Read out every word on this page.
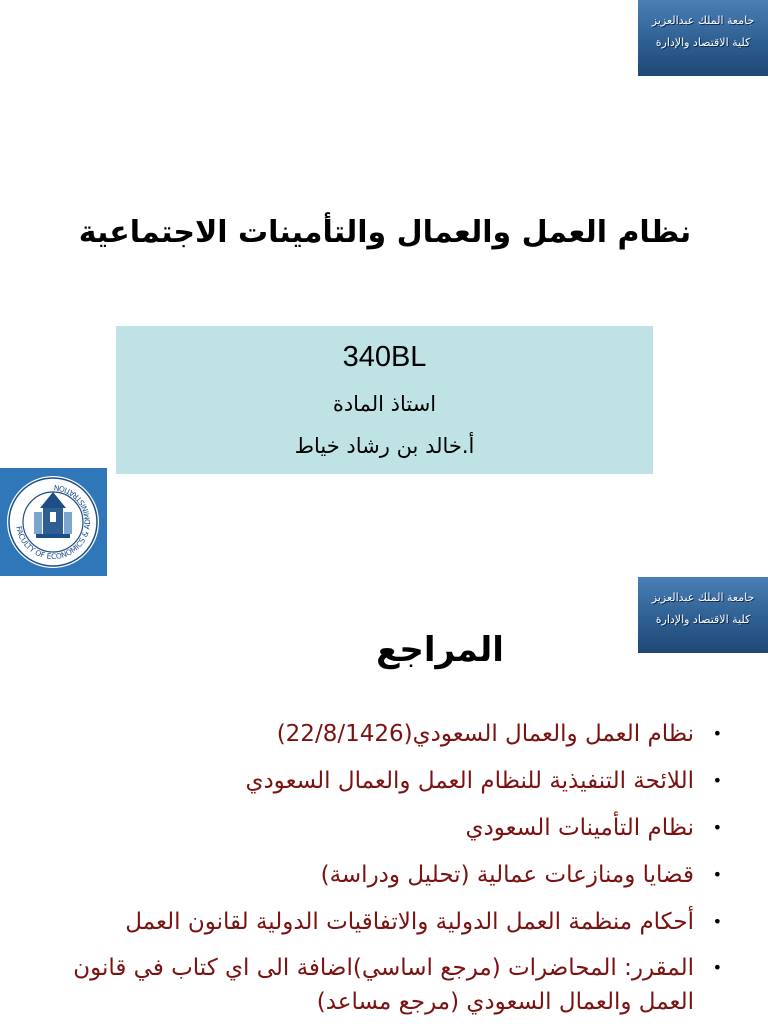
جامعة الملك عبدالعزيز
كلية الاقتصاد والإدارة
نظام العمل والعمال والتأمينات الاجتماعية
340BL
استاذ المادة
أ.خالد بن رشاد خياط
FACULTY OF ECONOMICS & ADMINISTRATION
جامعة الملك عبدالعزيز
كلية الاقتصاد والإدارة
المراجع
•
نظام العمل والعمال السعودي(22/8/1426)
•
اللائحة التنفيذية للنظام العمل والعمال السعودي
•
نظام التأمينات السعودي
•
قضايا ومنازعات عمالية (تحليل ودراسة)
•
أحكام منظمة العمل الدولية والاتفاقيات الدولية لقانون العمل
•
المقرر: المحاضرات (مرجع اساسي)اضافة الى اي كتاب في قانون العمل والعمال السعودي (مرجع مساعد)
